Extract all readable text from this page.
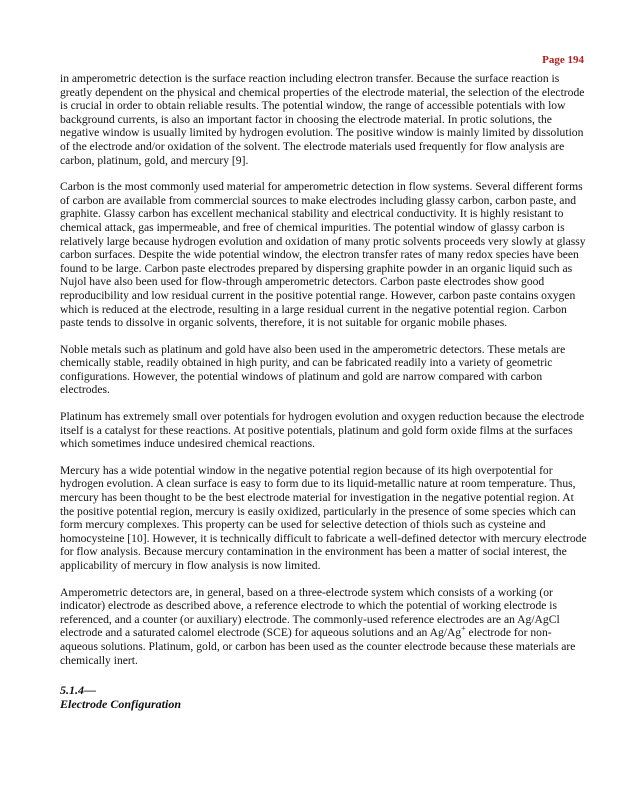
Page 194

in amperometric detection is the surface reaction including electron transfer. Because the surface reaction is greatly dependent on the physical and chemical properties of the electrode material, the selection of the electrode is crucial in order to obtain reliable results. The potential window, the range of accessible potentials with low background currents, is also an important factor in choosing the electrode material. In protic solutions, the negative window is usually limited by hydrogen evolution. The positive window is mainly limited by dissolution of the electrode and/or oxidation of the solvent. The electrode materials used frequently for flow analysis are carbon, platinum, gold, and mercury [9].

Carbon is the most commonly used material for amperometric detection in flow systems. Several different forms of carbon are available from commercial sources to make electrodes including glassy carbon, carbon paste, and graphite. Glassy carbon has excellent mechanical stability and electrical conductivity. It is highly resistant to chemical attack, gas impermeable, and free of chemical impurities. The potential window of glassy carbon is relatively large because hydrogen evolution and oxidation of many protic solvents proceeds very slowly at glassy carbon surfaces. Despite the wide potential window, the electron transfer rates of many redox species have been found to be large. Carbon paste electrodes prepared by dispersing graphite powder in an organic liquid such as Nujol have also been used for flow-through amperometric detectors. Carbon paste electrodes show good reproducibility and low residual current in the positive potential range. However, carbon paste contains oxygen which is reduced at the electrode, resulting in a large residual current in the negative potential region. Carbon paste tends to dissolve in organic solvents, therefore, it is not suitable for organic mobile phases.

Noble metals such as platinum and gold have also been used in the amperometric detectors. These metals are chemically stable, readily obtained in high purity, and can be fabricated readily into a variety of geometric configurations. However, the potential windows of platinum and gold are narrow compared with carbon electrodes.

Platinum has extremely small over potentials for hydrogen evolution and oxygen reduction because the electrode itself is a catalyst for these reactions. At positive potentials, platinum and gold form oxide films at the surfaces which sometimes induce undesired chemical reactions.

Mercury has a wide potential window in the negative potential region because of its high overpotential for hydrogen evolution. A clean surface is easy to form due to its liquid-metallic nature at room temperature. Thus, mercury has been thought to be the best electrode material for investigation in the negative potential region. At the positive potential region, mercury is easily oxidized, particularly in the presence of some species which can form mercury complexes. This property can be used for selective detection of thiols such as cysteine and homocysteine [10]. However, it is technically difficult to fabricate a well-defined detector with mercury electrode for flow analysis. Because mercury contamination in the environment has been a matter of social interest, the applicability of mercury in flow analysis is now limited.

Amperometric detectors are, in general, based on a three-electrode system which consists of a working (or indicator) electrode as described above, a reference electrode to which the potential of working electrode is referenced, and a counter (or auxiliary) electrode. The commonly-used reference electrodes are an Ag/AgCl electrode and a saturated calomel electrode (SCE) for aqueous solutions and an Ag/Ag+ electrode for non-aqueous solutions. Platinum, gold, or carbon has been used as the counter electrode because these materials are chemically inert.

5.1.4—
Electrode Configuration
